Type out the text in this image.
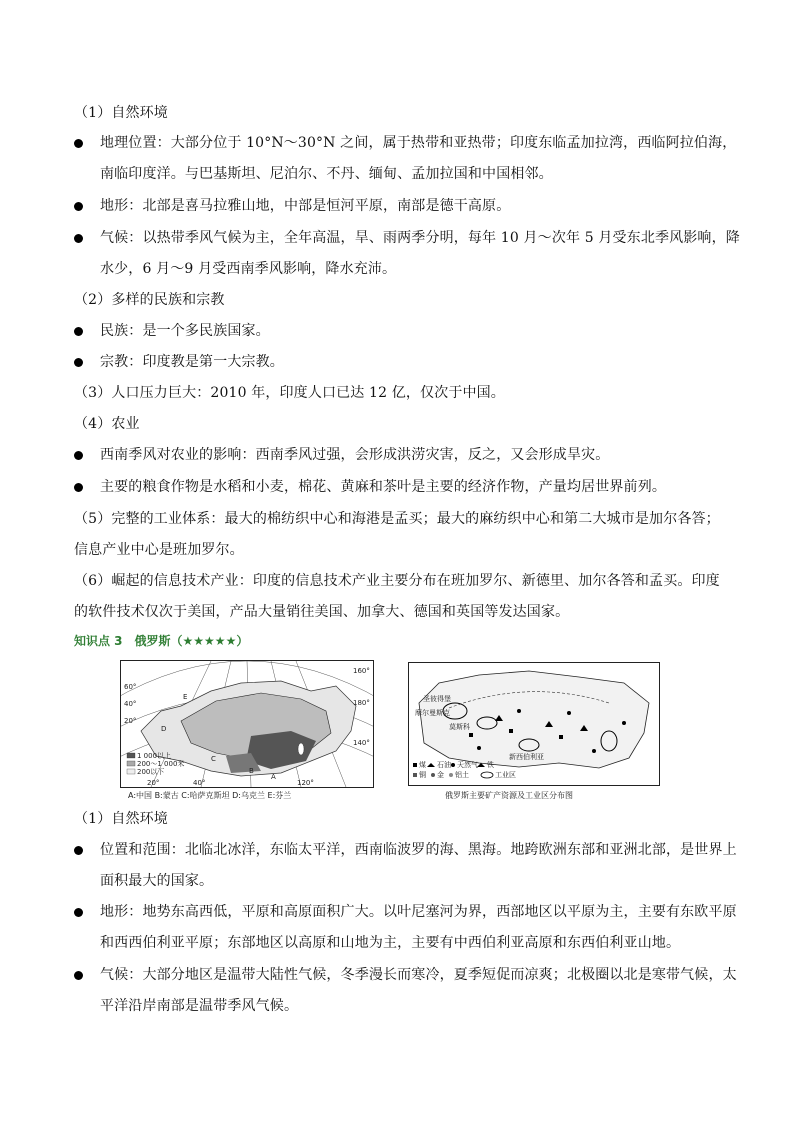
（1）自然环境
地理位置：大部分位于 10°N～30°N 之间，属于热带和亚热带；印度东临孟加拉湾，西临阿拉伯海，南临印度洋。与巴基斯坦、尼泊尔、不丹、缅甸、孟加拉国和中国相邻。
地形：北部是喜马拉雅山地，中部是恒河平原，南部是德干高原。
气候：以热带季风气候为主，全年高温，旱、雨两季分明，每年 10 月～次年 5 月受东北季风影响，降水少，6 月～9 月受西南季风影响，降水充沛。
（2）多样的民族和宗教
民族：是一个多民族国家。
宗教：印度教是第一大宗教。
（3）人口压力巨大：2010 年，印度人口已达 12 亿，仅次于中国。
（4）农业
西南季风对农业的影响：西南季风过强，会形成洪涝灾害，反之，又会形成旱灾。
主要的粮食作物是水稻和小麦，棉花、黄麻和茶叶是主要的经济作物，产量均居世界前列。
（5）完整的工业体系：最大的棉纺织中心和海港是孟买；最大的麻纺织中心和第二大城市是加尔各答；信息产业中心是班加罗尔。
（6）崛起的信息技术产业：印度的信息技术产业主要分布在班加罗尔、新德里、加尔各答和孟买。印度的软件技术仅次于美国，产品大量销往美国、加拿大、德国和英国等发达国家。
知识点 3　俄罗斯（★★★★★）
A
B
C
D
E
60°
40°
20°
20°	40°	120°
160°
180°
140°
1 000以上
200～1 000米
200以下
A:中国 B:蒙古 C:哈萨克斯坦 D:乌克兰 E:芬兰
圣彼得堡
莫斯科
摩尔曼斯克
新西伯利亚
煤 石油 天然气 铁
铜 金 铝土	工业区
俄罗斯主要矿产资源及工业区分布图
（1）自然环境
位置和范围：北临北冰洋，东临太平洋，西南临波罗的海、黑海。地跨欧洲东部和亚洲北部，是世界上面积最大的国家。
地形：地势东高西低，平原和高原面积广大。以叶尼塞河为界，西部地区以平原为主，主要有东欧平原和西西伯利亚平原；东部地区以高原和山地为主，主要有中西伯利亚高原和东西伯利亚山地。
气候：大部分地区是温带大陆性气候，冬季漫长而寒冷，夏季短促而凉爽；北极圈以北是寒带气候，太平洋沿岸南部是温带季风气候。
